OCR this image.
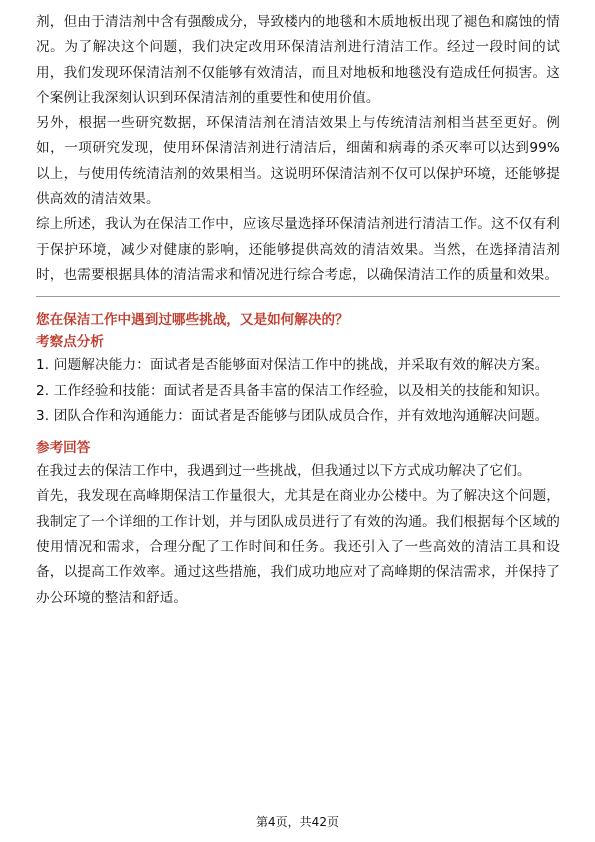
剂，但由于清洁剂中含有强酸成分，导致楼内的地毯和木质地板出现了褪色和腐蚀的情况。为了解决这个问题，我们决定改用环保清洁剂进行清洁工作。经过一段时间的试用，我们发现环保清洁剂不仅能够有效清洁，而且对地板和地毯没有造成任何损害。这个案例让我深刻认识到环保清洁剂的重要性和使用价值。

另外，根据一些研究数据，环保清洁剂在清洁效果上与传统清洁剂相当甚至更好。例如，一项研究发现，使用环保清洁剂进行清洁后，细菌和病毒的杀灭率可以达到99%以上，与使用传统清洁剂的效果相当。这说明环保清洁剂不仅可以保护环境，还能够提供高效的清洁效果。

综上所述，我认为在保洁工作中，应该尽量选择环保清洁剂进行清洁工作。这不仅有利于保护环境，减少对健康的影响，还能够提供高效的清洁效果。当然，在选择清洁剂时，也需要根据具体的清洁需求和情况进行综合考虑，以确保清洁工作的质量和效果。

您在保洁工作中遇到过哪些挑战，又是如何解决的？
考察点分析

1. 问题解决能力：面试者是否能够面对保洁工作中的挑战，并采取有效的解决方案。

2. 工作经验和技能：面试者是否具备丰富的保洁工作经验，以及相关的技能和知识。

3. 团队合作和沟通能力：面试者是否能够与团队成员合作，并有效地沟通解决问题。

参考回答

在我过去的保洁工作中，我遇到过一些挑战，但我通过以下方式成功解决了它们。

首先，我发现在高峰期保洁工作量很大，尤其是在商业办公楼中。为了解决这个问题，我制定了一个详细的工作计划，并与团队成员进行了有效的沟通。我们根据每个区域的使用情况和需求，合理分配了工作时间和任务。我还引入了一些高效的清洁工具和设备，以提高工作效率。通过这些措施，我们成功地应对了高峰期的保洁需求，并保持了办公环境的整洁和舒适。

第4页，共42页
